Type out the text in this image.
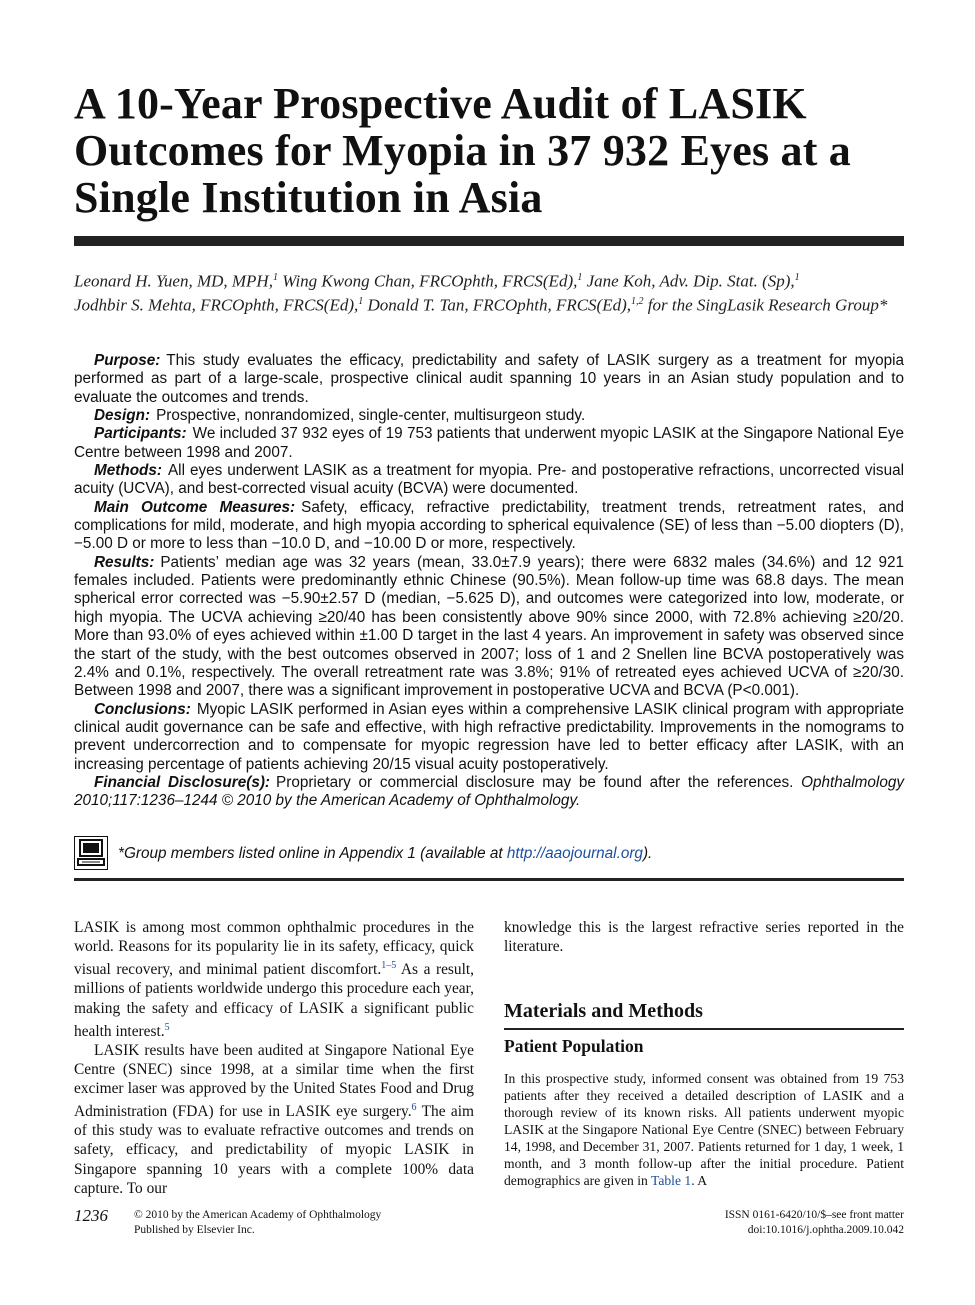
A 10-Year Prospective Audit of LASIK Outcomes for Myopia in 37 932 Eyes at a Single Institution in Asia
Leonard H. Yuen, MD, MPH,$^1$ Wing Kwong Chan, FRCOphth, FRCS(Ed),$^1$ Jane Koh, Adv. Dip. Stat. (Sp),$^1$
Jodhbir S. Mehta, FRCOphth, FRCS(Ed),$^1$ Donald T. Tan, FRCOphth, FRCS(Ed),$^{1,2}$ for the SingLasik Research Group*

Purpose: This study evaluates the efficacy, predictability and safety of LASIK surgery as a treatment for myopia performed as part of a large-scale, prospective clinical audit spanning 10 years in an Asian study population and to evaluate the outcomes and trends.

Design: Prospective, nonrandomized, single-center, multisurgeon study.

Participants: We included 37 932 eyes of 19 753 patients that underwent myopic LASIK at the Singapore National Eye Centre between 1998 and 2007.

Methods: All eyes underwent LASIK as a treatment for myopia. Pre- and postoperative refractions, uncorrected visual acuity (UCVA), and best-corrected visual acuity (BCVA) were documented.

Main Outcome Measures: Safety, efficacy, refractive predictability, treatment trends, retreatment rates, and complications for mild, moderate, and high myopia according to spherical equivalence (SE) of less than −5.00 diopters (D), −5.00 D or more to less than −10.0 D, and −10.00 D or more, respectively.

Results: Patients’ median age was 32 years (mean, 33.0±7.9 years); there were 6832 males (34.6%) and 12 921 females included. Patients were predominantly ethnic Chinese (90.5%). Mean follow-up time was 68.8 days. The mean spherical error corrected was −5.90±2.57 D (median, −5.625 D), and outcomes were categorized into low, moderate, or high myopia. The UCVA achieving ≥20/40 has been consistently above 90% since 2000, with 72.8% achieving ≥20/20. More than 93.0% of eyes achieved within ±1.00 D target in the last 4 years. An improvement in safety was observed since the start of the study, with the best outcomes observed in 2007; loss of 1 and 2 Snellen line BCVA postoperatively was 2.4% and 0.1%, respectively. The overall retreatment rate was 3.8%; 91% of retreated eyes achieved UCVA of ≥20/30. Between 1998 and 2007, there was a significant improvement in postoperative UCVA and BCVA (P<0.001).

Conclusions: Myopic LASIK performed in Asian eyes within a comprehensive LASIK clinical program with appropriate clinical audit governance can be safe and effective, with high refractive predictability. Improvements in the nomograms to prevent undercorrection and to compensate for myopic regression have led to better efficacy after LASIK, with an increasing percentage of patients achieving 20/15 visual acuity postoperatively.

Financial Disclosure(s): Proprietary or commercial disclosure may be found after the references. Ophthalmology 2010;117:1236–1244 © 2010 by the American Academy of Ophthalmology.

*Group members listed online in Appendix 1 (available at http://aaojournal.org).

LASIK is among most common ophthalmic procedures in the world. Reasons for its popularity lie in its safety, efficacy, quick visual recovery, and minimal patient discomfort.$^{1-5}$ As a result, millions of patients worldwide undergo this procedure each year, making the safety and efficacy of LASIK a significant public health interest.$^5$

LASIK results have been audited at Singapore National Eye Centre (SNEC) since 1998, at a similar time when the first excimer laser was approved by the United States Food and Drug Administration (FDA) for use in LASIK eye surgery.$^6$ The aim of this study was to evaluate refractive outcomes and trends on safety, efficacy, and predictability of myopic LASIK in Singapore spanning 10 years with a complete 100% data capture. To our

knowledge this is the largest refractive series reported in the literature.

Materials and Methods
Patient Population
In this prospective study, informed consent was obtained from 19 753 patients after they received a detailed description of LASIK and a thorough review of its known risks. All patients underwent myopic LASIK at the Singapore National Eye Centre (SNEC) between February 14, 1998, and December 31, 2007. Patients returned for 1 day, 1 week, 1 month, and 3 month follow-up after the initial procedure. Patient demographics are given in Table 1. A
1236 © 2010 by the American Academy of Ophthalmology
Published by Elsevier Inc.
ISSN 0161-6420/10/$–see front matter
doi:10.1016/j.ophtha.2009.10.042
